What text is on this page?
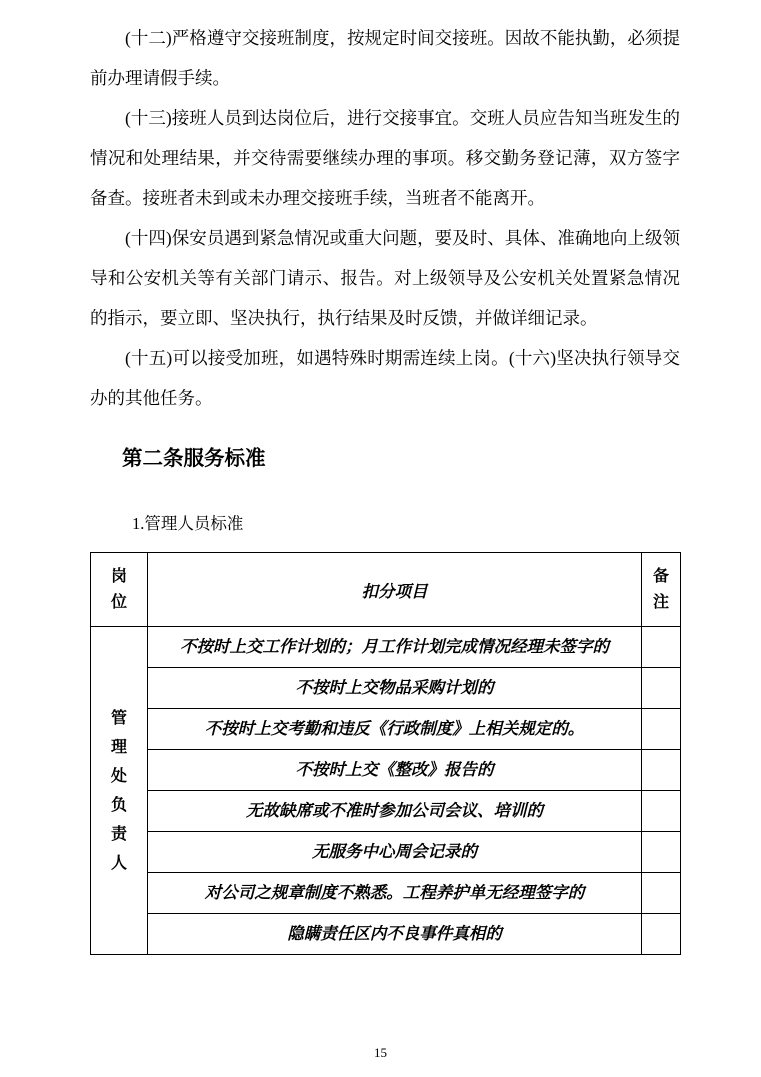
(十二)严格遵守交接班制度，按规定时间交接班。因故不能执勤，必须提前办理请假手续。

(十三)接班人员到达岗位后，进行交接事宜。交班人员应告知当班发生的情况和处理结果，并交待需要继续办理的事项。移交勤务登记薄，双方签字备查。接班者未到或未办理交接班手续，当班者不能离开。

(十四)保安员遇到紧急情况或重大问题，要及时、具体、准确地向上级领导和公安机关等有关部门请示、报告。对上级领导及公安机关处置紧急情况的指示，要立即、坚决执行，执行结果及时反馈，并做详细记录。

(十五)可以接受加班，如遇特殊时期需连续上岗。(十六)坚决执行领导交办的其他任务。

第二条服务标准

1.管理人员标准

岗位	扣分项目	备注

管理处负责人	不按时上交工作计划的；月工作计划完成情况经理未签字的	
	不按时上交物品采购计划的	
	不按时上交考勤和违反《行政制度》上相关规定的。	
	不按时上交《整改》报告的	
	无故缺席或不准时参加公司会议、培训的	
	无服务中心周会记录的	
	对公司之规章制度不熟悉。工程养护单无经理签字的	
	隐瞒责任区内不良事件真相的	
15
